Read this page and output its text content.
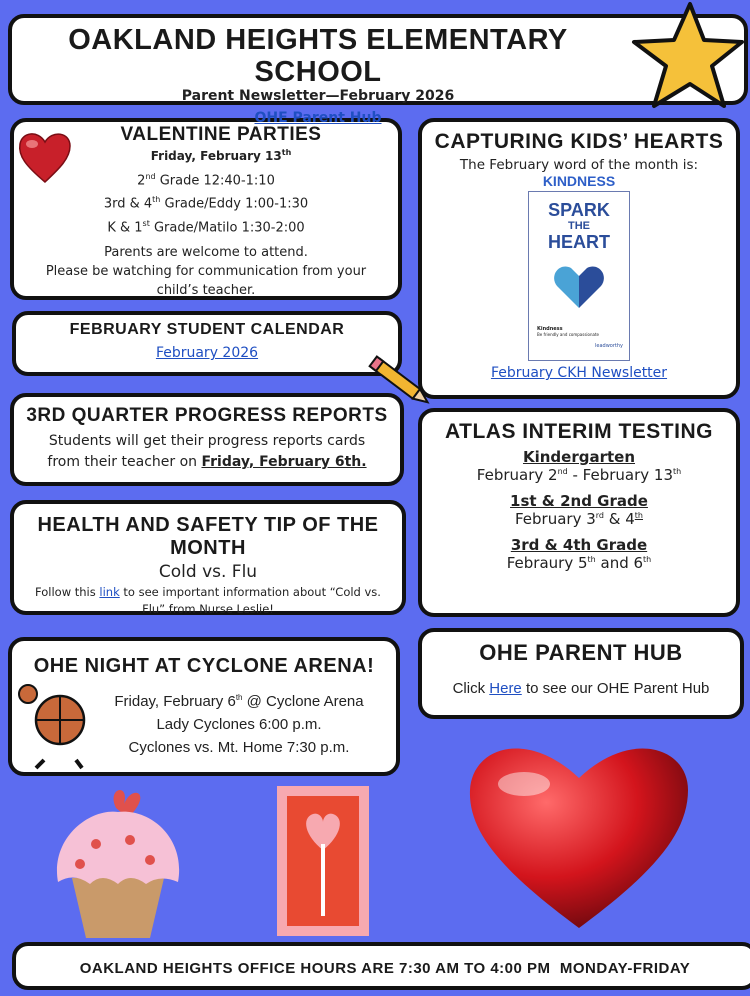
OAKLAND HEIGHTS ELEMENTARY SCHOOL
Parent Newsletter—February 2026
OHE Parent Hub
VALENTINE PARTIES
Friday, February 13th
2nd Grade 12:40-1:10
3rd & 4th Grade/Eddy 1:00-1:30
K & 1st Grade/Matilo 1:30-2:00
Parents are welcome to attend.
Please be watching for communication from your child’s teacher.
FEBRUARY STUDENT CALENDAR
February 2026
3RD QUARTER PROGRESS REPORTS
Students will get their progress reports cards from their teacher on Friday, February 6th.
HEALTH AND SAFETY TIP OF THE MONTH
Cold vs. Flu
Follow this link to see important information about “Cold vs. Flu” from Nurse Leslie!
OHE NIGHT AT CYCLONE ARENA!
Friday, February 6th @ Cyclone Arena
Lady Cyclones 6:00 p.m.
Cyclones vs. Mt. Home 7:30 p.m.
CAPTURING KIDS’ HEARTS
The February word of the month is:
KINDNESS
SPARK
THE
HEART
Kindness
Be friendly and compassionate
leadworthy
February CKH Newsletter
ATLAS INTERIM TESTING
Kindergarten
February 2nd - February 13th
1st & 2nd Grade
February 3rd & 4th
3rd & 4th Grade
Febraury 5th and 6th
OHE PARENT HUB
Click Here to see our OHE Parent Hub
OAKLAND HEIGHTS OFFICE HOURS ARE 7:30 AM TO 4:00 PM  MONDAY-FRIDAY
